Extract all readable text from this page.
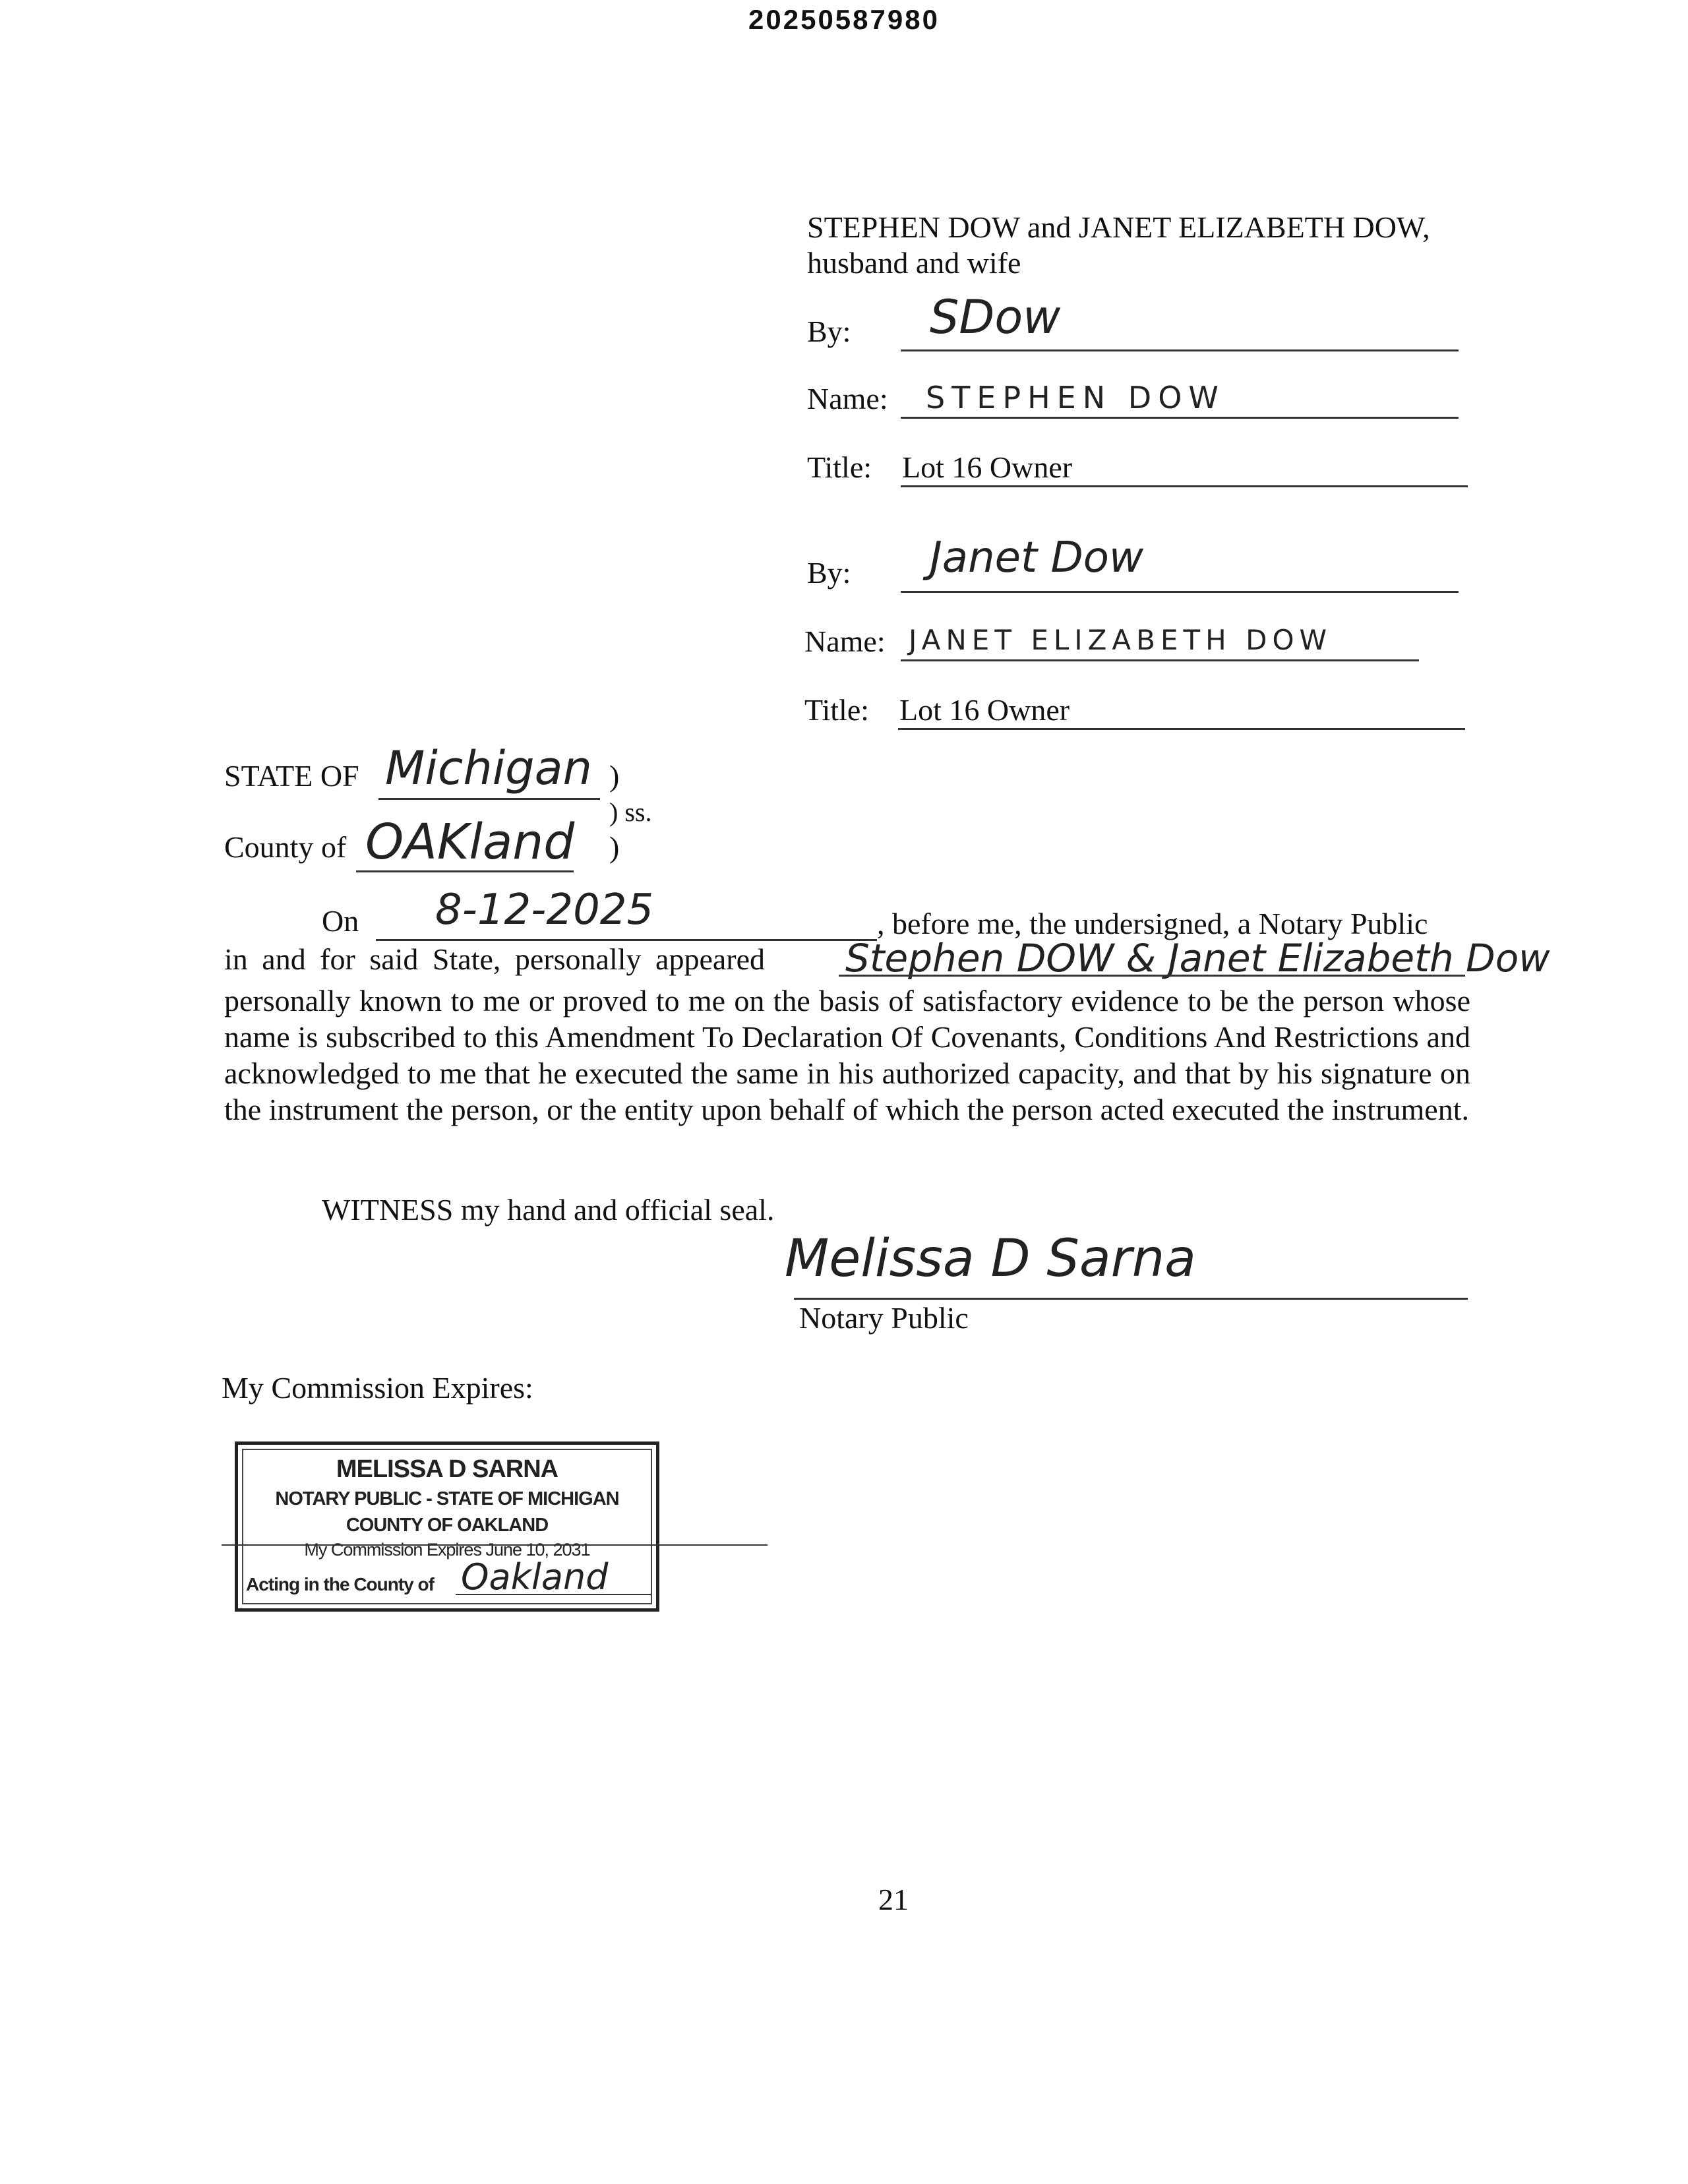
20250587980
STEPHEN DOW and JANET ELIZABETH DOW,
husband and wife
By: SDow
Name: STEPHEN DOW
Title: Lot 16 Owner
By: Janet Dow
Name: JANET ELIZABETH DOW
Title: Lot 16 Owner
STATE OF Michigan )
) ss.
County of OAKland )
On 8-12-2025	, before me, the undersigned, a Notary Public
in and for said State, personally appeared Stephen DOW & Janet Elizabeth Dow
personally known to me or proved to me on the basis of satisfactory evidence to be the person whose name is subscribed to this Amendment To Declaration Of Covenants, Conditions And Restrictions and acknowledged to me that he executed the same in his authorized capacity, and that by his signature on the instrument the person, or the entity upon behalf of which the person acted executed the instrument.
WITNESS my hand and official seal.
Melissa D Sarna
Notary Public
My Commission Expires:
MELISSA D SARNA
NOTARY PUBLIC - STATE OF MICHIGAN
COUNTY OF OAKLAND
My Commission Expires June 10, 2031
Acting in the County of Oakland
21
